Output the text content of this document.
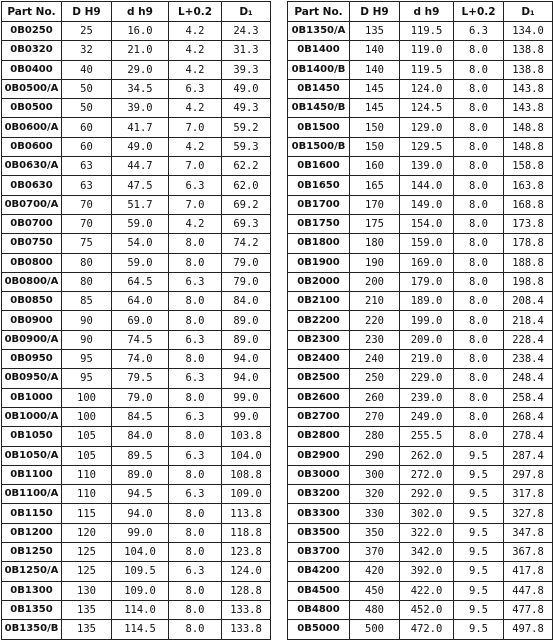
Part No.	D H9	d h9	L+0.2	D₁
0B0250	25	16.0	4.2	24.3
0B0320	32	21.0	4.2	31.3
0B0400	40	29.0	4.2	39.3
0B0500/A	50	34.5	6.3	49.0
0B0500	50	39.0	4.2	49.3
0B0600/A	60	41.7	7.0	59.2
0B0600	60	49.0	4.2	59.3
0B0630/A	63	44.7	7.0	62.2
0B0630	63	47.5	6.3	62.0
0B0700/A	70	51.7	7.0	69.2
0B0700	70	59.0	4.2	69.3
0B0750	75	54.0	8.0	74.2
0B0800	80	59.0	8.0	79.0
0B0800/A	80	64.5	6.3	79.0
0B0850	85	64.0	8.0	84.0
0B0900	90	69.0	8.0	89.0
0B0900/A	90	74.5	6.3	89.0
0B0950	95	74.0	8.0	94.0
0B0950/A	95	79.5	6.3	94.0
0B1000	100	79.0	8.0	99.0
0B1000/A	100	84.5	6.3	99.0
0B1050	105	84.0	8.0	103.8
0B1050/A	105	89.5	6.3	104.0
0B1100	110	89.0	8.0	108.8
0B1100/A	110	94.5	6.3	109.0
0B1150	115	94.0	8.0	113.8
0B1200	120	99.0	8.0	118.8
0B1250	125	104.0	8.0	123.8
0B1250/A	125	109.5	6.3	124.0
0B1300	130	109.0	8.0	128.8
0B1350	135	114.0	8.0	133.8
0B1350/B	135	114.5	8.0	133.8
Part No.	D H9	d h9	L+0.2	D₁
0B1350/A	135	119.5	6.3	134.0
0B1400	140	119.0	8.0	138.8
0B1400/B	140	119.5	8.0	138.8
0B1450	145	124.0	8.0	143.8
0B1450/B	145	124.5	8.0	143.8
0B1500	150	129.0	8.0	148.8
0B1500/B	150	129.5	8.0	148.8
0B1600	160	139.0	8.0	158.8
0B1650	165	144.0	8.0	163.8
0B1700	170	149.0	8.0	168.8
0B1750	175	154.0	8.0	173.8
0B1800	180	159.0	8.0	178.8
0B1900	190	169.0	8.0	188.8
0B2000	200	179.0	8.0	198.8
0B2100	210	189.0	8.0	208.4
0B2200	220	199.0	8.0	218.4
0B2300	230	209.0	8.0	228.4
0B2400	240	219.0	8.0	238.4
0B2500	250	229.0	8.0	248.4
0B2600	260	239.0	8.0	258.4
0B2700	270	249.0	8.0	268.4
0B2800	280	255.5	8.0	278.4
0B2900	290	262.0	9.5	287.4
0B3000	300	272.0	9.5	297.8
0B3200	320	292.0	9.5	317.8
0B3300	330	302.0	9.5	327.8
0B3500	350	322.0	9.5	347.8
0B3700	370	342.0	9.5	367.8
0B4200	420	392.0	9.5	417.8
0B4500	450	422.0	9.5	447.8
0B4800	480	452.0	9.5	477.8
0B5000	500	472.0	9.5	497.8
